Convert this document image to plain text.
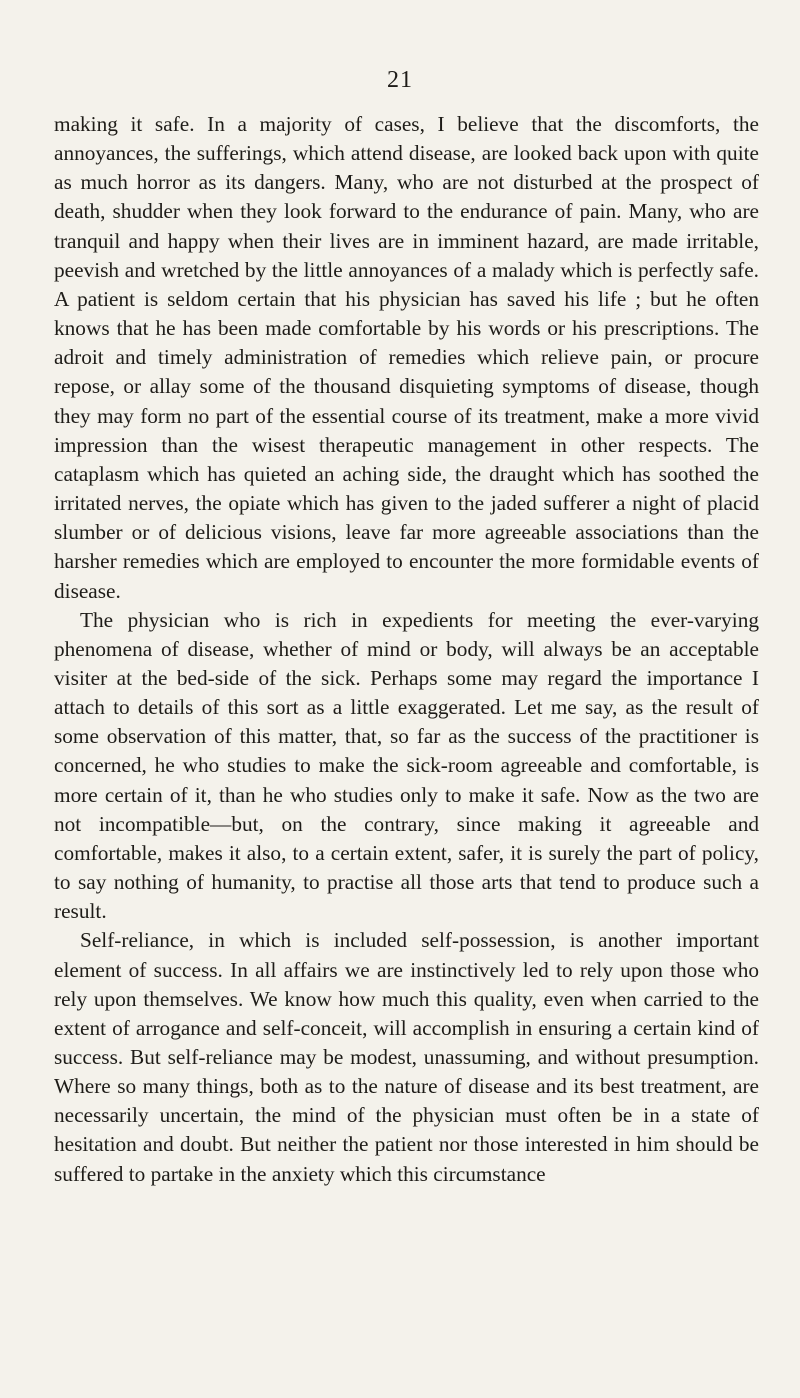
21

making it safe. In a majority of cases, I believe that the discomforts, the annoyances, the sufferings, which attend disease, are looked back upon with quite as much horror as its dangers. Many, who are not disturbed at the prospect of death, shudder when they look forward to the endurance of pain. Many, who are tranquil and happy when their lives are in imminent hazard, are made irritable, peevish and wretched by the little annoyances of a malady which is perfectly safe. A patient is seldom certain that his physician has saved his life ; but he often knows that he has been made comfortable by his words or his prescriptions. The adroit and timely administration of remedies which relieve pain, or procure repose, or allay some of the thousand disquieting symptoms of disease, though they may form no part of the essential course of its treatment, make a more vivid impression than the wisest therapeutic management in other respects. The cataplasm which has quieted an aching side, the draught which has soothed the irritated nerves, the opiate which has given to the jaded sufferer a night of placid slumber or of delicious visions, leave far more agreeable associations than the harsher remedies which are employed to encounter the more formidable events of disease.

The physician who is rich in expedients for meeting the ever-varying phenomena of disease, whether of mind or body, will always be an acceptable visiter at the bed-side of the sick. Perhaps some may regard the importance I attach to details of this sort as a little exaggerated. Let me say, as the result of some observation of this matter, that, so far as the success of the practitioner is concerned, he who studies to make the sick-room agreeable and comfortable, is more certain of it, than he who studies only to make it safe. Now as the two are not incompatible—but, on the contrary, since making it agreeable and comfortable, makes it also, to a certain extent, safer, it is surely the part of policy, to say nothing of humanity, to practise all those arts that tend to produce such a result.

Self-reliance, in which is included self-possession, is another important element of success. In all affairs we are instinctively led to rely upon those who rely upon themselves. We know how much this quality, even when carried to the extent of arrogance and self-conceit, will accomplish in ensuring a certain kind of success. But self-reliance may be modest, unassuming, and without presumption. Where so many things, both as to the nature of disease and its best treatment, are necessarily uncertain, the mind of the physician must often be in a state of hesitation and doubt. But neither the patient nor those interested in him should be suffered to partake in the anxiety which this circumstance
